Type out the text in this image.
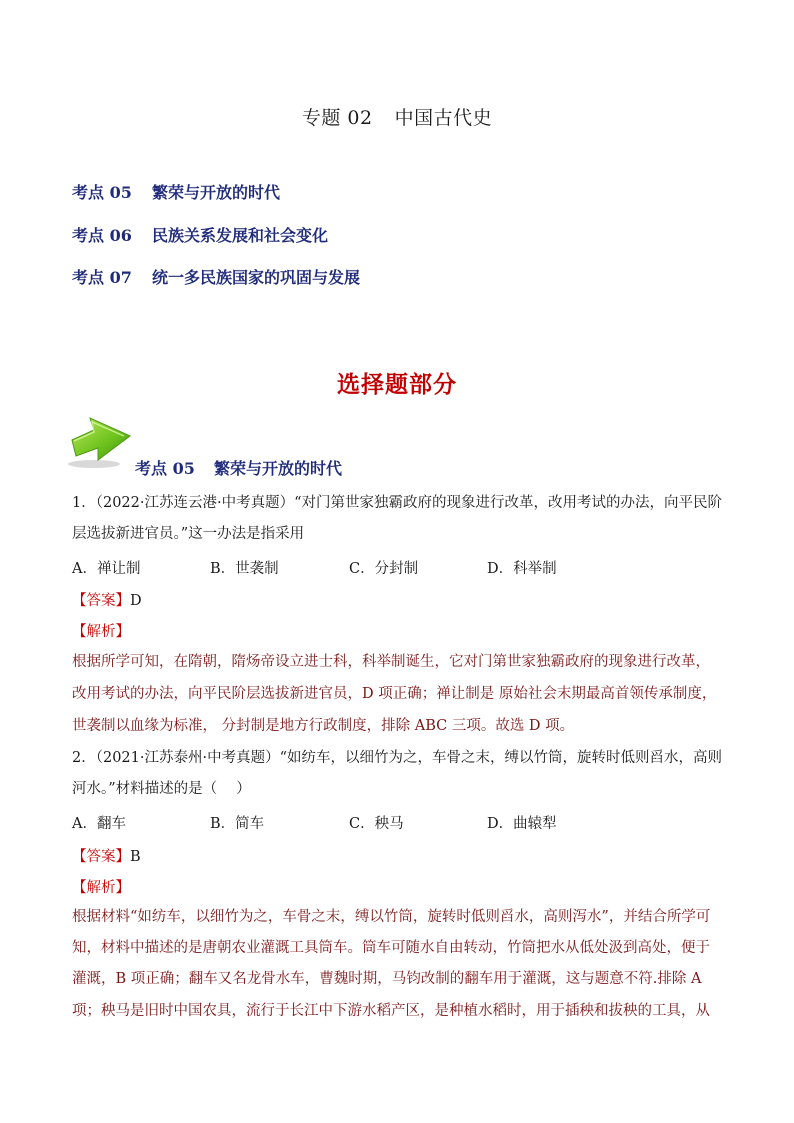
专题 02 中国古代史
考点 05 繁荣与开放的时代
考点 06 民族关系发展和社会变化
考点 07 统一多民族国家的巩固与发展
选择题部分
考点 05 繁荣与开放的时代
1．（2022·江苏连云港·中考真题）“对门第世家独霸政府的现象进行改革，改用考试的办法，向平民阶
层选拔新进官员。”这一办法是指采用
A．禅让制	B．世袭制	C．分封制	D．科举制
【答案】D
【解析】
根据所学可知，在隋朝，隋炀帝设立进士科，科举制诞生，它对门第世家独霸政府的现象进行改革，
改用考试的办法，向平民阶层选拔新进官员，D 项正确；禅让制是 原始社会末期最高首领传承制度，
世袭制以血缘为标准， 分封制是地方行政制度，排除 ABC 三项。故选 D 项。
2．（2021·江苏泰州·中考真题）“如纺车，以细竹为之，车骨之末，缚以竹筒，旋转时低则舀水，高则
河水。”材料描述的是（　 ）
A．翻车	B．简车	C．秧马	D．曲辕犁
【答案】B
【解析】
根据材料“如纺车，以细竹为之，车骨之末，缚以竹筒，旋转时低则舀水，高则泻水”，并结合所学可
知，材料中描述的是唐朝农业灌溉工具筒车。筒车可随水自由转动，竹筒把水从低处汲到高处，便于
灌溉，B 项正确；翻车又名龙骨水车，曹魏时期，马钧改制的翻车用于灌溉，这与题意不符.排除 A
项；秧马是旧时中国农具，流行于长江中下游水稻产区，是种植水稻时，用于插秧和拔秧的工具，从
